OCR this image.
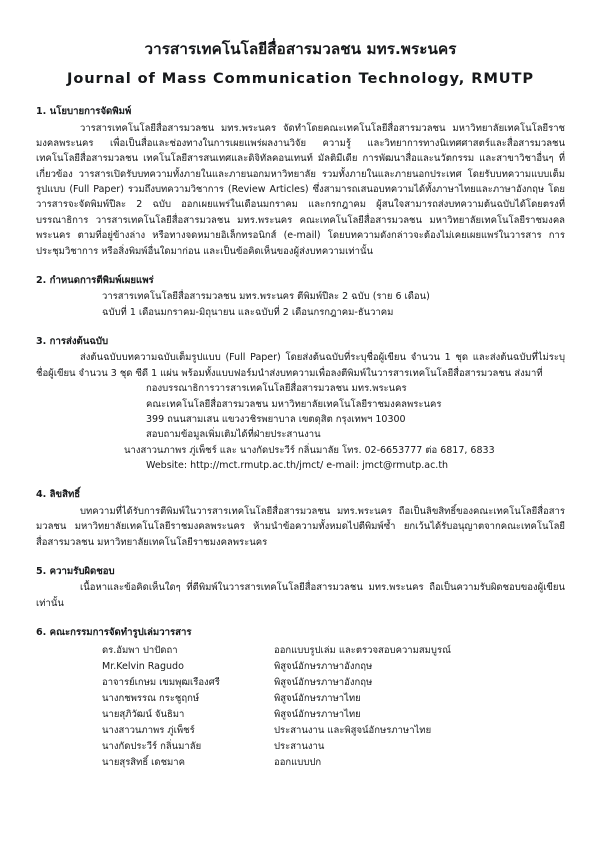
วารสารเทคโนโลยีสื่อสารมวลชน มทร.พระนคร
Journal of Mass Communication Technology, RMUTP
1. นโยบายการจัดพิมพ์

วารสารเทคโนโลยีสื่อสารมวลชน มทร.พระนคร จัดทำโดยคณะเทคโนโลยีสื่อสารมวลชน มหาวิทยาลัยเทคโนโลยีราชมงคลพระนคร เพื่อเป็นสื่อและช่องทางในการเผยแพร่ผลงานวิจัย ความรู้ และวิทยาการทางนิเทศศาสตร์และสื่อสารมวลชน เทคโนโลยีสื่อสารมวลชน เทคโนโลยีสารสนเทศและดิจิทัลคอนเทนท์ มัลติมีเดีย การพัฒนาสื่อและนวัตกรรม และสาขาวิชาอื่นๆ ที่เกี่ยวข้อง วารสารเปิดรับบทความทั้งภายในและภายนอกมหาวิทยาลัย รวมทั้งภายในและภายนอกประเทศ โดยรับบทความแบบเต็มรูปแบบ (Full Paper) รวมถึงบทความวิชาการ (Review Articles) ซึ่งสามารถเสนอบทความได้ทั้งภาษาไทยและภาษาอังกฤษ โดยวารสารจะจัดพิมพ์ปีละ 2 ฉบับ ออกเผยแพร่ในเดือนมกราคม และกรกฎาคม ผู้สนใจสามารถส่งบทความต้นฉบับได้โดยตรงที่บรรณาธิการ วารสารเทคโนโลยีสื่อสารมวลชน มทร.พระนคร คณะเทคโนโลยีสื่อสารมวลชน มหาวิทยาลัยเทคโนโลยีราชมงคลพระนคร ตามที่อยู่ข้างล่าง หรือทางจดหมายอิเล็กทรอนิกส์ (e-mail) โดยบทความดังกล่าวจะต้องไม่เคยเผยแพร่ในวารสาร การประชุมวิชาการ หรือสิ่งพิมพ์อื่นใดมาก่อน และเป็นข้อคิดเห็นของผู้ส่งบทความเท่านั้น

2. กำหนดการตีพิมพ์เผยแพร่

วารสารเทคโนโลยีสื่อสารมวลชน มทร.พระนคร ตีพิมพ์ปีละ 2 ฉบับ (ราย 6 เดือน)

ฉบับที่ 1 เดือนมกราคม-มิถุนายน และฉบับที่ 2 เดือนกรกฎาคม-ธันวาคม

3. การส่งต้นฉบับ

ส่งต้นฉบับบทความฉบับเต็มรูปแบบ (Full Paper) โดยส่งต้นฉบับที่ระบุชื่อผู้เขียน จำนวน 1 ชุด และส่งต้นฉบับที่ไม่ระบุชื่อผู้เขียน จำนวน 3 ชุด ซีดี 1 แผ่น พร้อมทั้งแบบฟอร์มนำส่งบทความเพื่อลงตีพิมพ์ในวารสารเทคโนโลยีสื่อสารมวลชน ส่งมาที่

กองบรรณาธิการวารสารเทคโนโลยีสื่อสารมวลชน มทร.พระนคร

คณะเทคโนโลยีสื่อสารมวลชน มหาวิทยาลัยเทคโนโลยีราชมงคลพระนคร

399 ถนนสามเสน แขวงวชิรพยาบาล เขตดุสิต กรุงเทพฯ 10300

สอบถามข้อมูลเพิ่มเติมได้ที่ฝ่ายประสานงาน

นางสาวนภาพร ภู่เพ็ชร์ และ นางกัดประวีร์ กลิ่นมาลัย โทร. 02-6653777 ต่อ 6817, 6833

Website: http://mct.rmutp.ac.th/jmct/ e-mail: jmct@rmutp.ac.th

4. ลิขสิทธิ์

บทความที่ได้รับการตีพิมพ์ในวารสารเทคโนโลยีสื่อสารมวลชน มทร.พระนคร ถือเป็นลิขสิทธิ์ของคณะเทคโนโลยีสื่อสารมวลชน มหาวิทยาลัยเทคโนโลยีราชมงคลพระนคร ห้ามนำข้อความทั้งหมดไปตีพิมพ์ซ้ำ ยกเว้นได้รับอนุญาตจากคณะเทคโนโลยีสื่อสารมวลชน มหาวิทยาลัยเทคโนโลยีราชมงคลพระนคร

5. ความรับผิดชอบ

เนื้อหาและข้อคิดเห็นใดๆ ที่ตีพิมพ์ในวารสารเทคโนโลยีสื่อสารมวลชน มทร.พระนคร ถือเป็นความรับผิดชอบของผู้เขียนเท่านั้น

6. คณะกรรมการจัดทำรูปเล่มวารสาร
ดร.อัมพา ปาปัดถา	ออกแบบรูปเล่ม และตรวจสอบความสมบูรณ์
Mr.Kelvin Ragudo	พิสูจน์อักษรภาษาอังกฤษ
อาจารย์เกษม เขมพุฒเรืองศรี	พิสูจน์อักษรภาษาอังกฤษ
นางกชพรรณ กระชูฤกษ์	พิสูจน์อักษรภาษาไทย
นายสุภิวัฒน์ จันธิมา	พิสูจน์อักษรภาษาไทย
นางสาวนภาพร ภู่เพ็ชร์	ประสานงาน และพิสูจน์อักษรภาษาไทย
นางกัดประวีร์ กลิ่นมาลัย	ประสานงาน
นายสุรสิทธิ์ เดชมาค	ออกแบบปก
